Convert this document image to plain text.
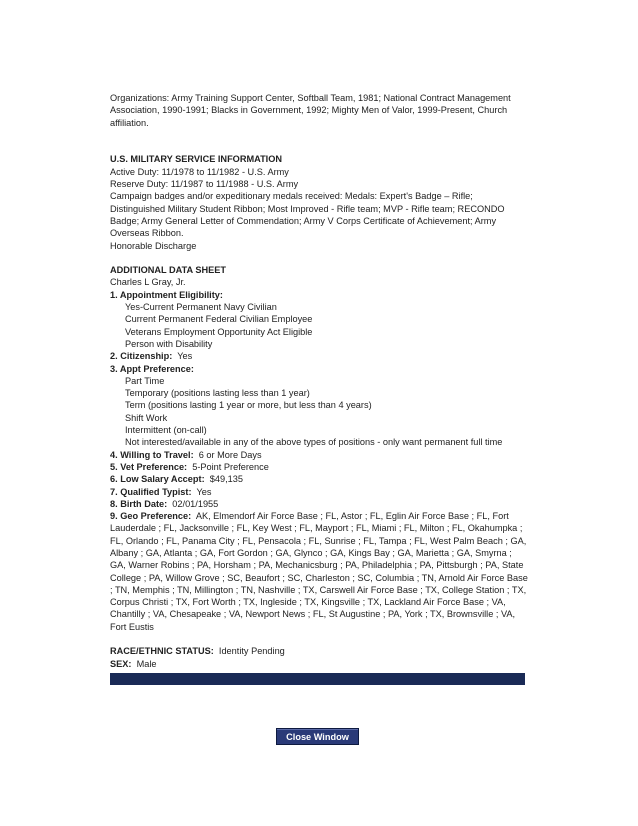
Organizations: Army Training Support Center, Softball Team, 1981; National Contract Management Association, 1990-1991; Blacks in Government, 1992; Mighty Men of Valor, 1999-Present, Church affiliation.

U.S. MILITARY SERVICE INFORMATION
Active Duty: 11/1978 to 11/1982 - U.S. Army
Reserve Duty: 11/1987 to 11/1988 - U.S. Army
Campaign badges and/or expeditionary medals received: Medals: Expert's Badge – Rifle; Distinguished Military Student Ribbon; Most Improved - Rifle team; MVP - Rifle team; RECONDO Badge; Army General Letter of Commendation; Army V Corps Certificate of Achievement; Army Overseas Ribbon.
Honorable Discharge
ADDITIONAL DATA SHEET
Charles L Gray, Jr.
1. Appointment Eligibility:
Yes-Current Permanent Navy Civilian
Current Permanent Federal Civilian Employee
Veterans Employment Opportunity Act Eligible
Person with Disability
2. Citizenship: Yes
3. Appt Preference:
Part Time
Temporary (positions lasting less than 1 year)
Term (positions lasting 1 year or more, but less than 4 years)
Shift Work
Intermittent (on-call)
Not interested/available in any of the above types of positions - only want permanent full time
4. Willing to Travel: 6 or More Days
5. Vet Preference: 5-Point Preference
6. Low Salary Accept: $49,135
7. Qualified Typist: Yes
8. Birth Date: 02/01/1955
9. Geo Preference: AK, Elmendorf Air Force Base ; FL, Astor ; FL, Eglin Air Force Base ; FL, Fort Lauderdale ; FL, Jacksonville ; FL, Key West ; FL, Mayport ; FL, Miami ; FL, Milton ; FL, Okahumpka ; FL, Orlando ; FL, Panama City ; FL, Pensacola ; FL, Sunrise ; FL, Tampa ; FL, West Palm Beach ; GA, Albany ; GA, Atlanta ; GA, Fort Gordon ; GA, Glynco ; GA, Kings Bay ; GA, Marietta ; GA, Smyrna ; GA, Warner Robins ; PA, Horsham ; PA, Mechanicsburg ; PA, Philadelphia ; PA, Pittsburgh ; PA, State College ; PA, Willow Grove ; SC, Beaufort ; SC, Charleston ; SC, Columbia ; TN, Arnold Air Force Base ; TN, Memphis ; TN, Millington ; TN, Nashville ; TX, Carswell Air Force Base ; TX, College Station ; TX, Corpus Christi ; TX, Fort Worth ; TX, Ingleside ; TX, Kingsville ; TX, Lackland Air Force Base ; VA, Chantilly ; VA, Chesapeake ; VA, Newport News ; FL, St Augustine ; PA, York ; TX, Brownsville ; VA, Fort Eustis
RACE/ETHNIC STATUS: Identity Pending
SEX: Male
Close Window
